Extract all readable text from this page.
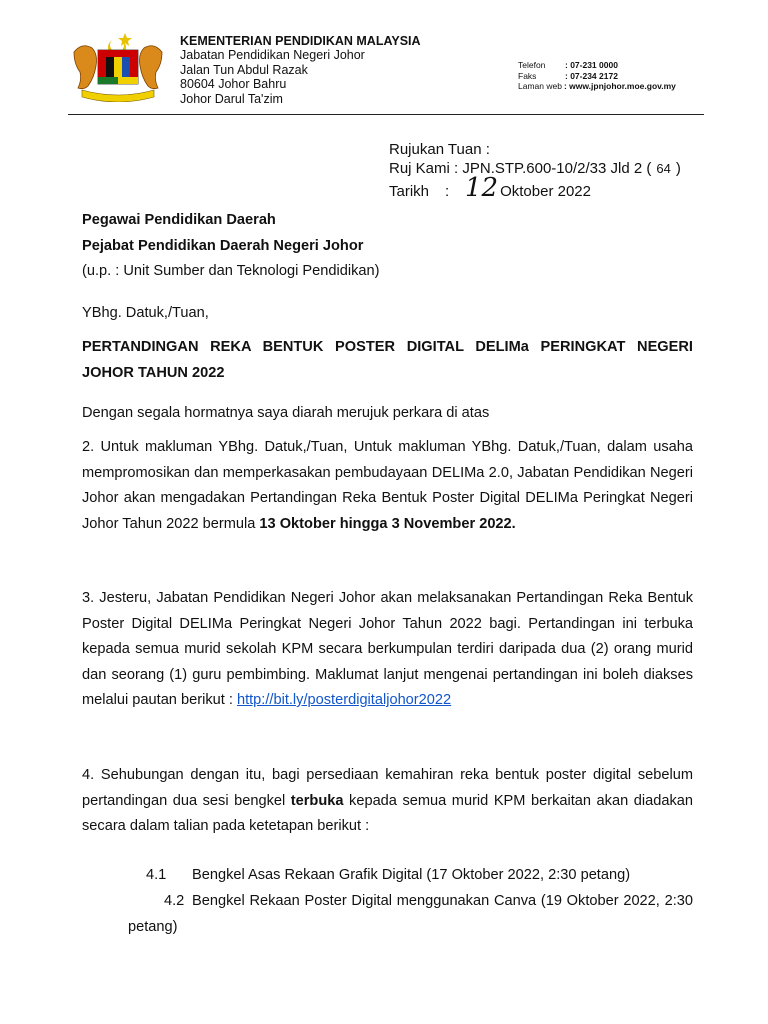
KEMENTERIAN PENDIDIKAN MALAYSIA
Jabatan Pendidikan Negeri Johor
Jalan Tun Abdul Razak
80604 Johor Bahru
Johor Darul Ta'zim
Telefon	: 07-231 0000
Faks	: 07-234 2172
Laman web : www.jpnjohor.moe.gov.my
Rujukan Tuan :
Ruj Kami : JPN.STP.600-10/2/33 Jld 2 ( 64 )
Tarikh	: 12 Oktober 2022
Pegawai Pendidikan Daerah
Pejabat Pendidikan Daerah Negeri Johor
(u.p. : Unit Sumber dan Teknologi Pendidikan)
YBhg. Datuk,/Tuan,
PERTANDINGAN REKA BENTUK POSTER DIGITAL DELIMa PERINGKAT NEGERI JOHOR TAHUN 2022
Dengan segala hormatnya saya diarah merujuk perkara di atas
2. Untuk makluman YBhg. Datuk,/Tuan, Untuk makluman YBhg. Datuk,/Tuan, dalam usaha mempromosikan dan memperkasakan pembudayaan DELIMa 2.0, Jabatan Pendidikan Negeri Johor akan mengadakan Pertandingan Reka Bentuk Poster Digital DELIMa Peringkat Negeri Johor Tahun 2022 bermula 13 Oktober hingga 3 November 2022.
3. Jesteru, Jabatan Pendidikan Negeri Johor akan melaksanakan Pertandingan Reka Bentuk Poster Digital DELIMa Peringkat Negeri Johor Tahun 2022 bagi. Pertandingan ini terbuka kepada semua murid sekolah KPM secara berkumpulan terdiri daripada dua (2) orang murid dan seorang (1) guru pembimbing. Maklumat lanjut mengenai pertandingan ini boleh diakses melalui pautan berikut : http://bit.ly/posterdigitaljohor2022
4. Sehubungan dengan itu, bagi persediaan kemahiran reka bentuk poster digital sebelum pertandingan dua sesi bengkel terbuka kepada semua murid KPM berkaitan akan diadakan secara dalam talian pada ketetapan berikut :
4.1 Bengkel Asas Rekaan Grafik Digital (17 Oktober 2022, 2:30 petang)
4.2 Bengkel Rekaan Poster Digital menggunakan Canva (19 Oktober 2022, 2:30 petang)
